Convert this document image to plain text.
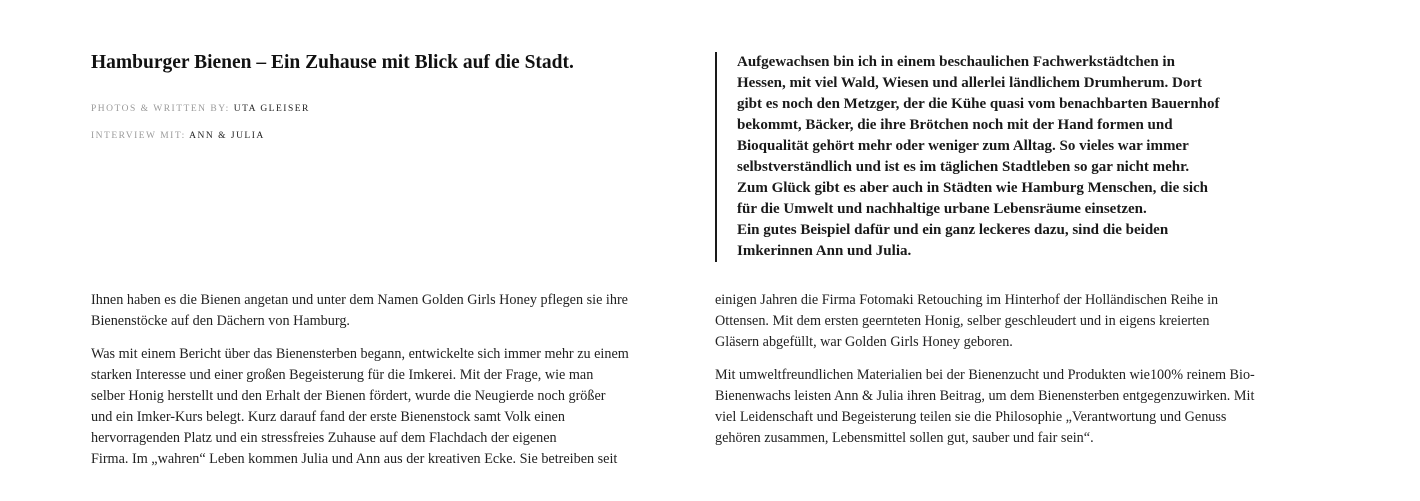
Hamburger Bienen – Ein Zuhause mit Blick auf die Stadt.
PHOTOS & WRITTEN BY: UTA GLEISER
INTERVIEW MIT: ANN & JULIA

Aufgewachsen bin ich in einem beschaulichen Fachwerkstädtchen in

Hessen, mit viel Wald, Wiesen und allerlei ländlichem Drumherum. Dort

gibt es noch den Metzger, der die Kühe quasi vom benachbarten Bauernhof

bekommt, Bäcker, die ihre Brötchen noch mit der Hand formen und

Bioqualität gehört mehr oder weniger zum Alltag. So vieles war immer

selbstverständlich und ist es im täglichen Stadtleben so gar nicht mehr.

Zum Glück gibt es aber auch in Städten wie Hamburg Menschen, die sich

für die Umwelt und nachhaltige urbane Lebensräume einsetzen.

Ein gutes Beispiel dafür und ein ganz leckeres dazu, sind die beiden

Imkerinnen Ann und Julia.

Ihnen haben es die Bienen angetan und unter dem Namen Golden Girls Honey pflegen sie ihre
Bienenstöcke auf den Dächern von Hamburg.

Was mit einem Bericht über das Bienensterben begann, entwickelte sich immer mehr zu einem
starken Interesse und einer großen Begeisterung für die Imkerei. Mit der Frage, wie man
selber Honig herstellt und den Erhalt der Bienen fördert, wurde die Neugierde noch größer
und ein Imker-Kurs belegt. Kurz darauf fand der erste Bienenstock samt Volk einen
hervorragenden Platz und ein stressfreies Zuhause auf dem Flachdach der eigenen
Firma. Im „wahren“ Leben kommen Julia und Ann aus der kreativen Ecke. Sie betreiben seit

einigen Jahren die Firma Fotomaki Retouching im Hinterhof der Holländischen Reihe in
Ottensen. Mit dem ersten geernteten Honig, selber geschleudert und in eigens kreierten
Gläsern abgefüllt, war Golden Girls Honey geboren.

Mit umweltfreundlichen Materialien bei der Bienenzucht und Produkten wie100% reinem Bio-
Bienenwachs leisten Ann & Julia ihren Beitrag, um dem Bienensterben entgegenzuwirken. Mit
viel Leidenschaft und Begeisterung teilen sie die Philosophie „Verantwortung und Genuss
gehören zusammen, Lebensmittel sollen gut, sauber und fair sein“.
